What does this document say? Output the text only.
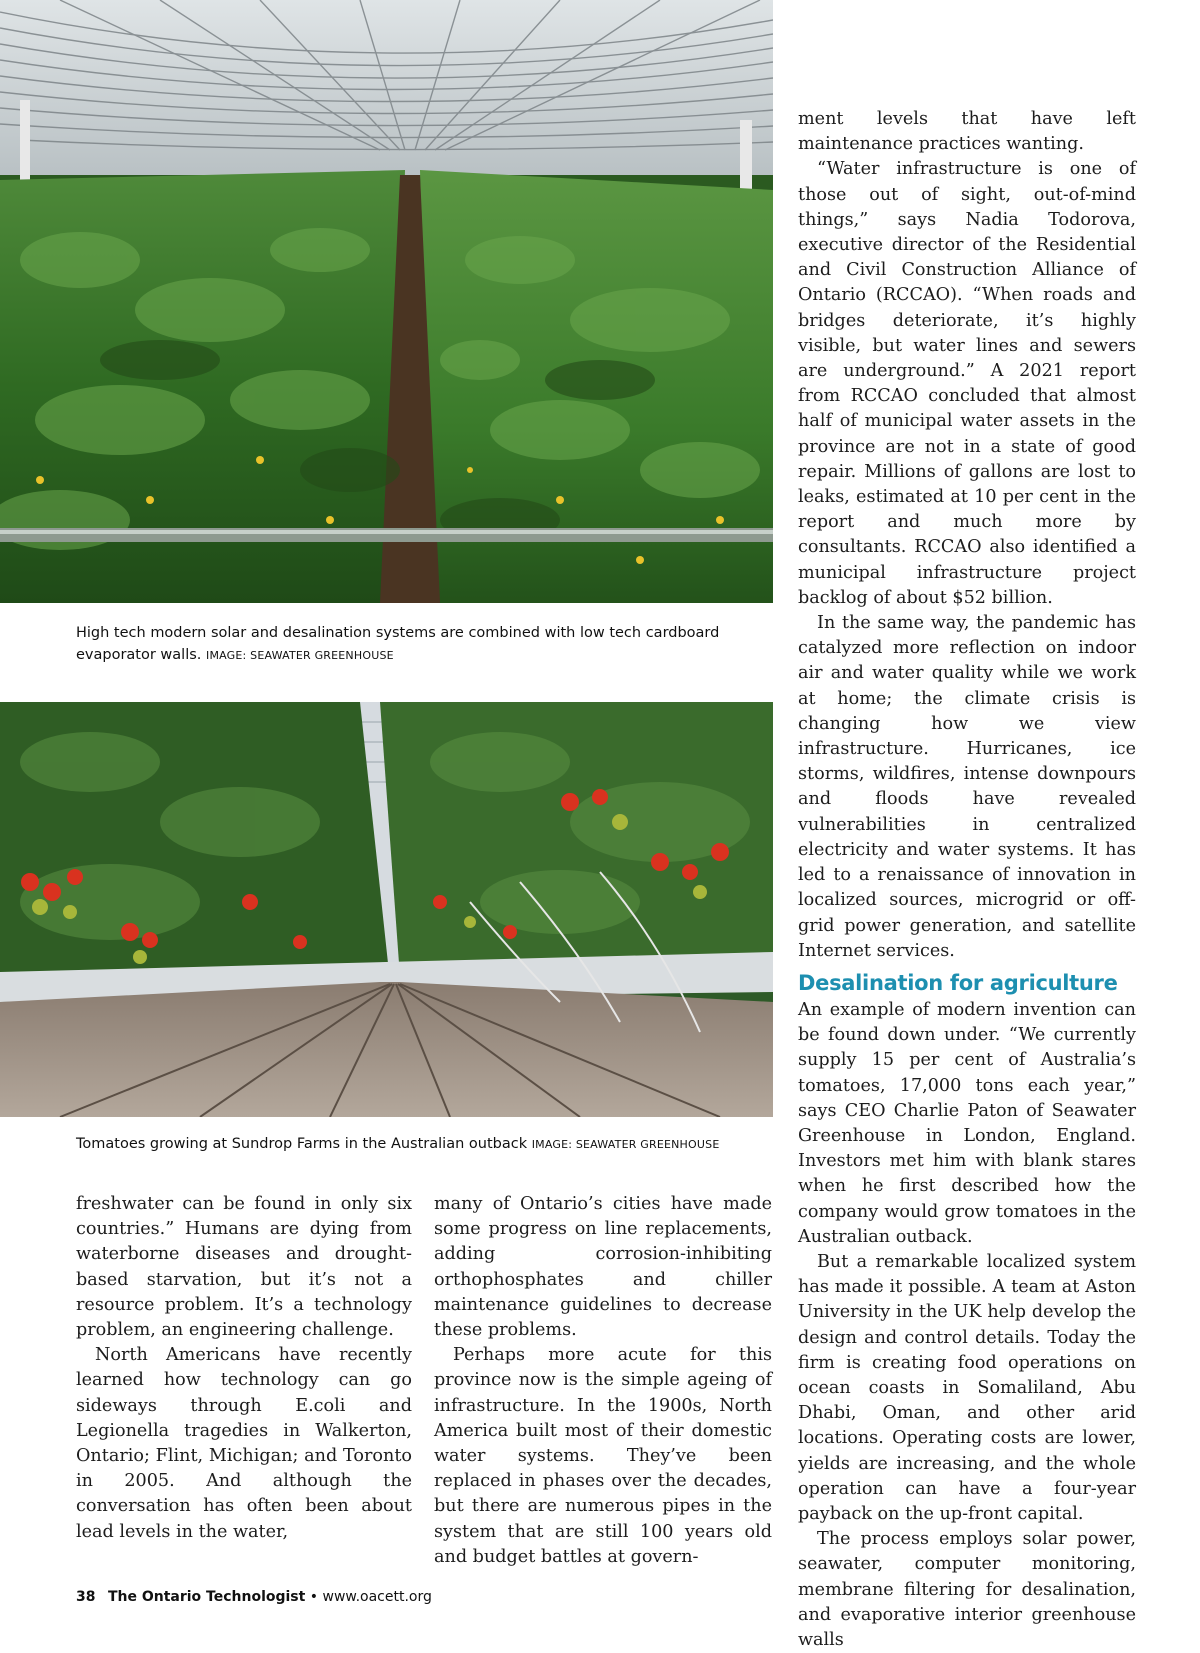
High tech modern solar and desalination systems are combined with low tech cardboard evaporator walls. IMAGE: SEAWATER GREENHOUSE
Tomatoes growing at Sundrop Farms in the Australian outback IMAGE: SEAWATER GREENHOUSE

freshwater can be found in only six countries.” Humans are dying from waterborne diseases and drought-based starvation, but it’s not a resource problem. It’s a technology problem, an engineering challenge.

North Americans have recently learned how technology can go sideways through E.coli and Legionella tragedies in Walkerton, Ontario; Flint, Michigan; and Toronto in 2005. And although the conversation has often been about lead levels in the water,

many of Ontario’s cities have made some progress on line replacements, adding corrosion-inhibiting orthophosphates and chiller maintenance guidelines to decrease these problems.

Perhaps more acute for this province now is the simple ageing of infrastructure. In the 1900s, North America built most of their domestic water systems. They’ve been replaced in phases over the decades, but there are numerous pipes in the system that are still 100 years old and budget battles at govern-

ment levels that have left maintenance practices wanting.

“Water infrastructure is one of those out of sight, out-of-mind things,” says Nadia Todorova, executive director of the Residential and Civil Construction Alliance of Ontario (RCCAO). “When roads and bridges deteriorate, it’s highly visible, but water lines and sewers are underground.” A 2021 report from RCCAO concluded that almost half of municipal water assets in the province are not in a state of good repair. Millions of gallons are lost to leaks, estimated at 10 per cent in the report and much more by consultants. RCCAO also identified a municipal infrastructure project backlog of about $52 billion.

In the same way, the pandemic has catalyzed more reflection on indoor air and water quality while we work at home; the climate crisis is changing how we view infrastructure. Hurricanes, ice storms, wildfires, intense downpours and floods have revealed vulnerabilities in centralized electricity and water systems. It has led to a renaissance of innovation in localized sources, microgrid or off-grid power generation, and satellite Internet services.

Desalination for agriculture

An example of modern invention can be found down under. “We currently supply 15 per cent of Australia’s tomatoes, 17,000 tons each year,” says CEO Charlie Paton of Seawater Greenhouse in London, England. Investors met him with blank stares when he first described how the company would grow tomatoes in the Australian outback.

But a remarkable localized system has made it possible. A team at Aston University in the UK help develop the design and control details. Today the firm is creating food operations on ocean coasts in Somaliland, Abu Dhabi, Oman, and other arid locations. Operating costs are lower, yields are increasing, and the whole operation can have a four-year payback on the up-front capital.

The process employs solar power, seawater, computer monitoring, membrane filtering for desalination, and evaporative interior greenhouse walls

38 The Ontario Technologist • www.oacett.org
